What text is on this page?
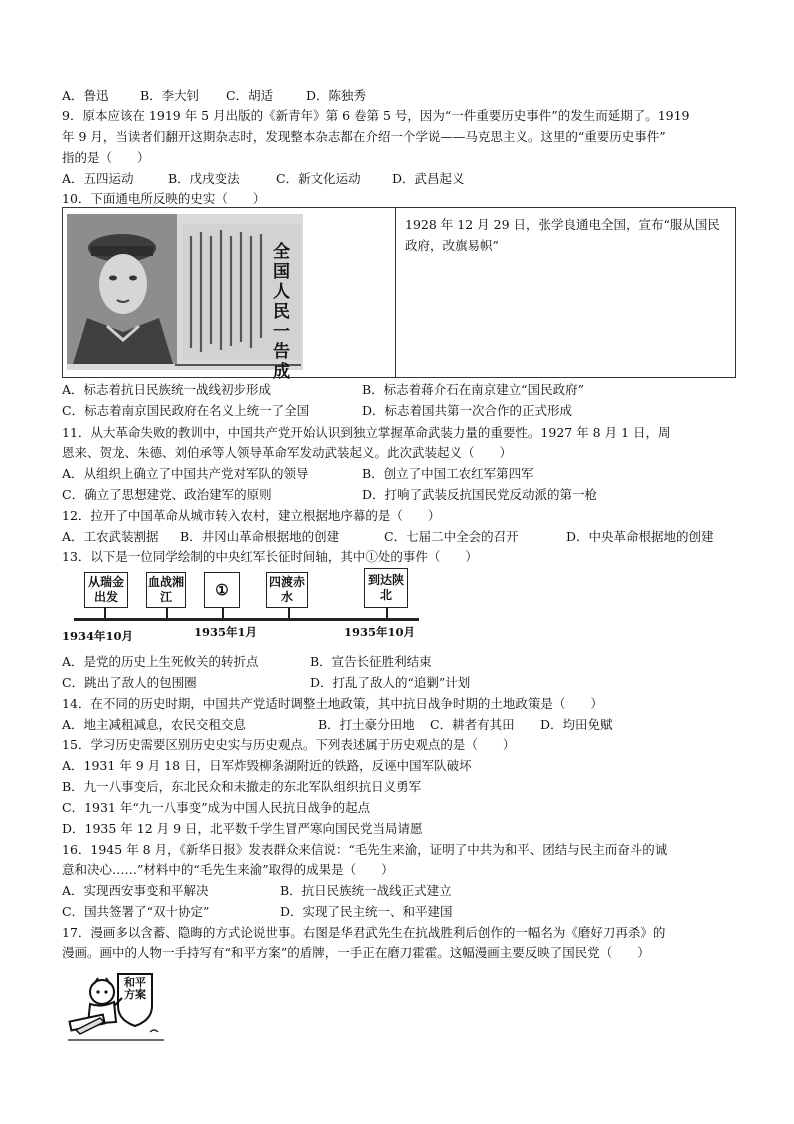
A．鲁迅	B．李大钊 C．胡适	D．陈独秀
9．原本应该在 1919 年 5 月出版的《新青年》第 6 卷第 5 号，因为“一件重要历史事件”的发生而延期了。1919
年 9 月，当读者们翻开这期杂志时，发现整本杂志都在介绍一个学说——马克思主义。这里的“重要历史事件”
指的是（　　）
A．五四运动	B．戊戌变法	C．新文化运动	D．武昌起义
10．下面通电所反映的史实（　　）
全国人民一告成
1928 年 12 月 29 日，张学良通电全国，宣布“服从国民政府，改旗易帜”
A．标志着抗日民族统一战线初步形成	B．标志着蒋介石在南京建立“国民政府”
C．标志着南京国民政府在名义上统一了全国	D．标志着国共第一次合作的正式形成
11．从大革命失败的教训中，中国共产党开始认识到独立掌握革命武装力量的重要性。1927 年 8 月 1 日，周
恩来、贺龙、朱德、刘伯承等人领导革命军发动武装起义。此次武装起义（　　）
A．从组织上确立了中国共产党对军队的领导	B．创立了中国工农红军第四军
C．确立了思想建党、政治建军的原则	D．打响了武装反抗国民党反动派的第一枪
12．拉开了中国革命从城市转入农村，建立根据地序幕的是（　　）
A．工农武装割据 B．井冈山革命根据地的创建	C．七届二中全会的召开	D．中央革命根据地的创建
13．以下是一位同学绘制的中央红军长征时间轴，其中①处的事件（　　）
从瑞金出发
血战湘江	①	四渡赤水
到达陕北
1934年10月	1935年1月	1935年10月
A．是党的历史上生死攸关的转折点	B．宣告长征胜利结束
C．跳出了敌人的包围圈	D．打乱了敌人的“追剿”计划
14．在不同的历史时期，中国共产党适时调整土地政策，其中抗日战争时期的土地政策是（　　）
A．地主减租减息，农民交租交息	B．打土豪分田地 C．耕者有其田 D．均田免赋
15．学习历史需要区别历史史实与历史观点。下列表述属于历史观点的是（　　）
A．1931 年 9 月 18 日，日军炸毁柳条湖附近的铁路，反诬中国军队破坏
B．九一八事变后，东北民众和未撤走的东北军队组织抗日义勇军
C．1931 年“九一八事变”成为中国人民抗日战争的起点
D．1935 年 12 月 9 日，北平数千学生冒严寒向国民党当局请愿
16．1945 年 8 月，《新华日报》发表群众来信说：“毛先生来渝，证明了中共为和平、团结与民主而奋斗的诚
意和决心……”材料中的“毛先生来渝”取得的成果是（　　）
A．实现西安事变和平解决	B．抗日民族统一战线正式建立
C．国共签署了“双十协定”	D．实现了民主统一、和平建国
17．漫画多以含蓄、隐晦的方式论说世事。右图是华君武先生在抗战胜利后创作的一幅名为《磨好刀再杀》的
漫画。画中的人物一手持写有“和平方案”的盾牌，一手正在磨刀霍霍。这幅漫画主要反映了国民党（　　）
和平方案
